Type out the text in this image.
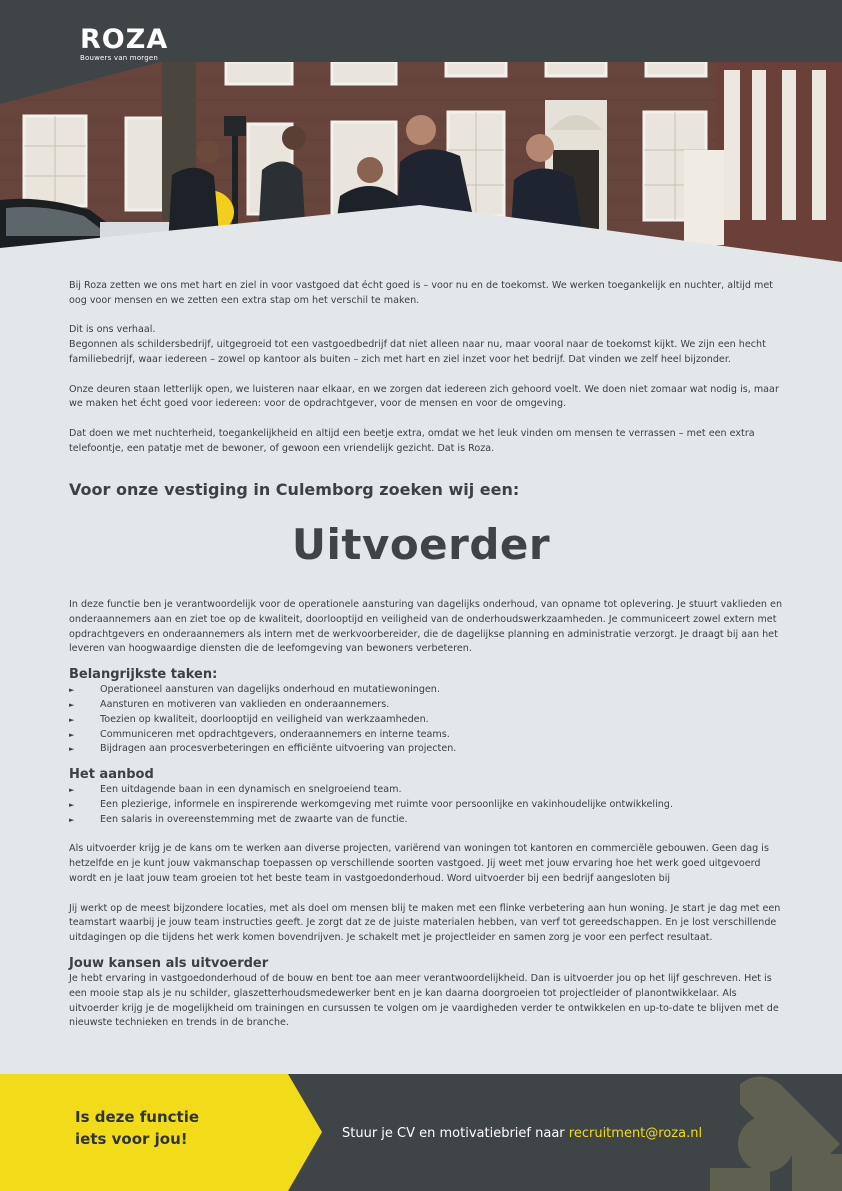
ROZA
Bouwers van morgen

Bij Roza zetten we ons met hart en ziel in voor vastgoed dat écht goed is – voor nu en de toekomst. We werken toegankelijk en nuchter, altijd met oog voor mensen en we zetten een extra stap om het verschil te maken.

Dit is ons verhaal.

Begonnen als schildersbedrijf, uitgegroeid tot een vastgoedbedrijf dat niet alleen naar nu, maar vooral naar de toekomst kijkt. We zijn een hecht familiebedrijf, waar iedereen – zowel op kantoor als buiten – zich met hart en ziel inzet voor het bedrijf. Dat vinden we zelf heel bijzonder.

Onze deuren staan letterlijk open, we luisteren naar elkaar, en we zorgen dat iedereen zich gehoord voelt. We doen niet zomaar wat nodig is, maar we maken het écht goed voor iedereen: voor de opdrachtgever, voor de mensen en voor de omgeving.

Dat doen we met nuchterheid, toegankelijkheid en altijd een beetje extra, omdat we het leuk vinden om mensen te verrassen – met een extra telefoontje, een patatje met de bewoner, of gewoon een vriendelijk gezicht. Dat is Roza.

Voor onze vestiging in Culemborg zoeken wij een:
Uitvoerder

In deze functie ben je verantwoordelijk voor de operationele aansturing van dagelijks onderhoud, van opname tot oplevering. Je stuurt vaklieden en onderaannemers aan en ziet toe op de kwaliteit, doorlooptijd en veiligheid van de onderhoudswerkzaamheden. Je communiceert zowel extern met opdrachtgevers en onderaannemers als intern met de werkvoorbereider, die de dagelijkse planning en administratie verzorgt. Je draagt bij aan het leveren van hoogwaardige diensten die de leefomgeving van bewoners verbeteren.

Belangrijkste taken:
►	Operationeel aansturen van dagelijks onderhoud en mutatiewoningen.
►	Aansturen en motiveren van vaklieden en onderaannemers.
►	Toezien op kwaliteit, doorlooptijd en veiligheid van werkzaamheden.
►	Communiceren met opdrachtgevers, onderaannemers en interne teams.
►	Bijdragen aan procesverbeteringen en efficiënte uitvoering van projecten.
Het aanbod
►	Een uitdagende baan in een dynamisch en snelgroeiend team.
►	Een plezierige, informele en inspirerende werkomgeving met ruimte voor persoonlijke en vakinhoudelijke ontwikkeling.
►	Een salaris in overeenstemming met de zwaarte van de functie.

Als uitvoerder krijg je de kans om te werken aan diverse projecten, variërend van woningen tot kantoren en commerciële gebouwen. Geen dag is hetzelfde en je kunt jouw vakmanschap toepassen op verschillende soorten vastgoed. Jij weet met jouw ervaring hoe het werk goed uitgevoerd wordt en je laat jouw team groeien tot het beste team in vastgoedonderhoud. Word uitvoerder bij een bedrijf aangesloten bij

Jij werkt op de meest bijzondere locaties, met als doel om mensen blij te maken met een flinke verbetering aan hun woning. Je start je dag met een teamstart waarbij je jouw team instructies geeft. Je zorgt dat ze de juiste materialen hebben, van verf tot gereedschappen. En je lost verschillende uitdagingen op die tijdens het werk komen bovendrijven. Je schakelt met je projectleider en samen zorg je voor een perfect resultaat.

Jouw kansen als uitvoerder

Je hebt ervaring in vastgoedonderhoud of de bouw en bent toe aan meer verantwoordelijkheid. Dan is uitvoerder jou op het lijf geschreven. Het is een mooie stap als je nu schilder, glaszetterhoudsmedewerker bent en je kan daarna doorgroeien tot projectleider of planontwikkelaar. Als uitvoerder krijg je de mogelijkheid om trainingen en cursussen te volgen om je vaardigheden verder te ontwikkelen en up-to-date te blijven met de nieuwste technieken en trends in de branche.

Is deze functie
iets voor jou!	Stuur je CV en motivatiebrief naar recruitment@roza.nl
